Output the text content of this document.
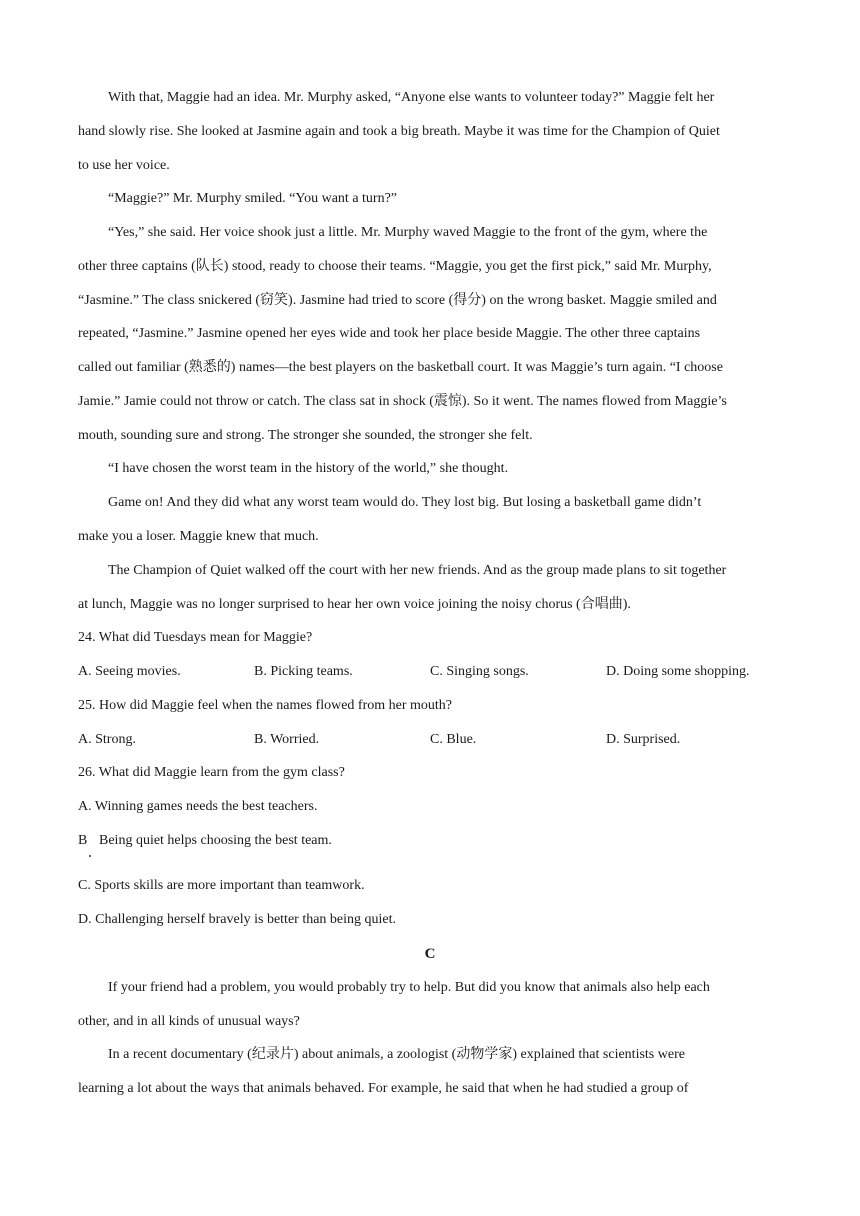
With that, Maggie had an idea. Mr. Murphy asked, “Anyone else wants to volunteer today?” Maggie felt her
hand slowly rise. She looked at Jasmine again and took a big breath. Maybe it was time for the Champion of Quiet
to use her voice.
“Maggie?” Mr. Murphy smiled. “You want a turn?”
“Yes,” she said. Her voice shook just a little. Mr. Murphy waved Maggie to the front of the gym, where the
other three captains (队长) stood, ready to choose their teams. “Maggie, you get the first pick,” said Mr. Murphy,
“Jasmine.” The class snickered (窃笑). Jasmine had tried to score (得分) on the wrong basket. Maggie smiled and
repeated, “Jasmine.” Jasmine opened her eyes wide and took her place beside Maggie. The other three captains
called out familiar (熟悉的) names—the best players on the basketball court. It was Maggie’s turn again. “I choose
Jamie.” Jamie could not throw or catch. The class sat in shock (震惊). So it went. The names flowed from Maggie’s
mouth, sounding sure and strong. The stronger she sounded, the stronger she felt.
“I have chosen the worst team in the history of the world,” she thought.
Game on! And they did what any worst team would do. They lost big. But losing a basketball game didn’t
make you a loser. Maggie knew that much.
The Champion of Quiet walked off the court with her new friends. And as the group made plans to sit together
at lunch, Maggie was no longer surprised to hear her own voice joining the noisy chorus (合唱曲).
24. What did Tuesdays mean for Maggie?
A. Seeing movies.	B. Picking teams.	C. Singing songs.	D. Doing some shopping.
25. How did Maggie feel when the names flowed from her mouth?
A. Strong.	B. Worried.	C. Blue.	D. Surprised.
26. What did Maggie learn from the gym class?
A. Winning games needs the best teachers.
B Being quiet helps choosing the best team.
C. Sports skills are more important than teamwork.
D. Challenging herself bravely is better than being quiet.
C
If your friend had a problem, you would probably try to help. But did you know that animals also help each
other, and in all kinds of unusual ways?
In a recent documentary (纪录片) about animals, a zoologist (动物学家) explained that scientists were
learning a lot about the ways that animals behaved. For example, he said that when he had studied a group of
